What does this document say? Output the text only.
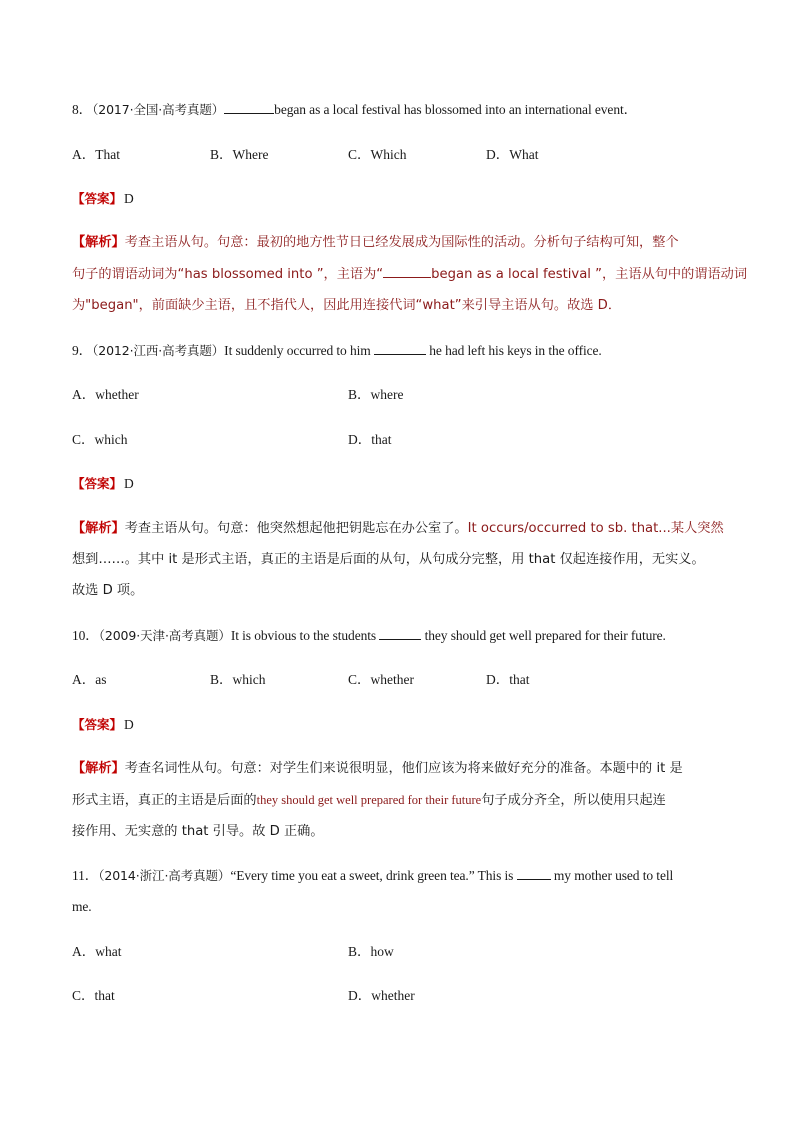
8．（2017·全国·高考真题）	began as a local festival has blossomed into an international event．
A．That	B．Where	C．Which	D．What
【答案】 D
【解析】考查主语从句。句意：最初的地方性节日已经发展成为国际性的活动。分析句子结构可知，整个
句子的谓语动词为“has blossomed into ”，主语为“	began as a local festival ”，主语从句中的谓语动词
为"began"，前面缺少主语，且不指代人，因此用连接代词“what”来引导主语从句。故选 D．
9．（2012·江西·高考真题）It suddenly occurred to him	he had left his keys in the office.
A．whether	B．where
C．which	D．that
【答案】 D
【解析】考查主语从句。句意：他突然想起他把钥匙忘在办公室了。It occurs/occurred to sb. that...某人突然
想到……。其中 it 是形式主语，真正的主语是后面的从句，从句成分完整，用 that 仅起连接作用，无实义。
故选 D 项。
10．（2009·天津·高考真题）It is obvious to the students	they should get well prepared for their future.
A．as	B．which	C．whether	D．that
【答案】 D
【解析】考查名词性从句。句意：对学生们来说很明显，他们应该为将来做好充分的准备。本题中的 it 是
形式主语，真正的主语是后面的they should get well prepared for their future句子成分齐全，所以使用只起连
接作用、无实意的 that 引导。故 D 正确。
11．（2014·浙江·高考真题）“Every time you eat a sweet, drink green tea.” This is	my mother used to tell
me.
A．what	B．how
C．that	D．whether
